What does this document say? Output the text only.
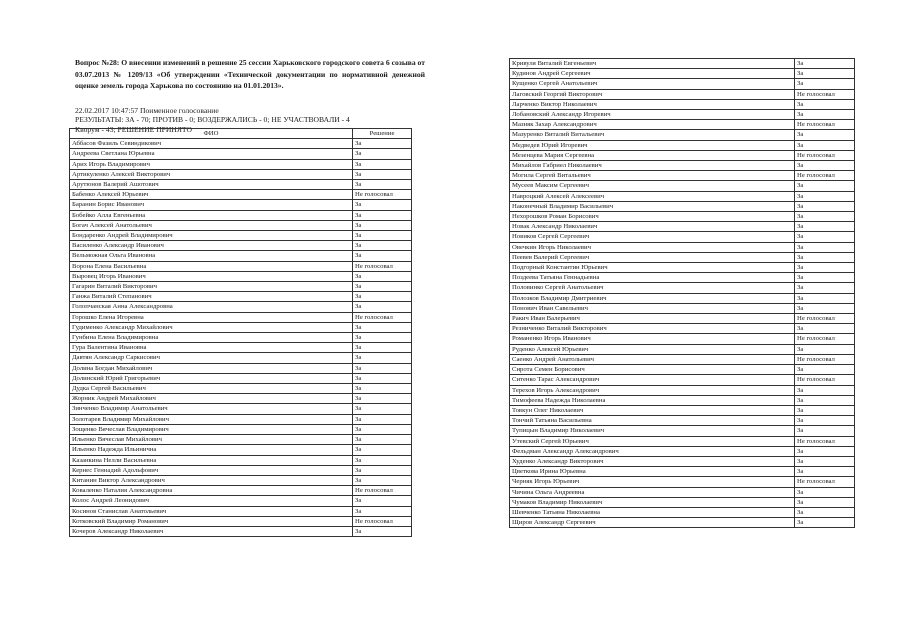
Вопрос №28: О внесении изменений в решение 25 сессии Харьковского городского совета 6 созыва от 03.07.2013 № 1209/13 «Об утверждении «Технической документации по нормативной денежной оценке земель города Харькова по состоянию на 01.01.2013».
22.02.2017 10:47:57 Поименное голосование
РЕЗУЛЬТАТЫ: ЗА - 70; ПРОТИВ - 0; ВОЗДЕРЖАЛИСЬ - 0; НЕ УЧАСТВОВАЛИ - 4
Кворум - 43; РЕШЕНИЕ ПРИНЯТО	ФИО	Решение
Аббасов Фазиль Севиндикович	За
Андреева Светлана Юрьевна	За
Арих Игорь Владимирович	За
Артикуленко Алексей Викторович	За
Арутюнов Валерий Ашотович	За
Бабенко Алексей Юрьевич	Не голосовал
Баранин Борис Иванович	За
Бобейко Алла Евгеньевна	За
Богач Алексей Анатольевич	За
Бондаренко Андрей Владимирович	За
Василенко Александр Иванович	За
Вельможная Ольга Ивановна	За
Ворона Елена Васильевна	Не голосовал
Выровец Игорь Иванович	За
Гагарин Виталий Викторович	За
Ганжа Виталий Степанович	За
Голопчанская Анна Александровна	За
Горошко Елена Игоревна	Не голосовал
Гудименко Александр Михайлович	За
Гунбина Елена Владимировна	За
Гура Валентина Ивановна	За
Давтян Александр Саркисович	За
Долина Богдан Михайлович	За
Долинский Юрий Григорьевич	За
Дудка Сергей Васильевич	За
Жорник Андрей Михайлович	За
Зинченко Владимир Анатольевич	За
Золотарев Владимир Михайлович	За
Зощенко Вячеслав Владимирович	За
Ильенко Вячеслав Михайлович	За
Ильенко Надежда Ильинична	За
Казанкина Нелли Васильевна	За
Кернес Геннадий Адольфович	За
Китанин Виктор Александрович	За
Коваленко Наталия Александровна	Не голосовал
Колос Андрей Леонидович	За
Косинов Станислав Анатольевич	За
Котковский Владимир Романович	Не голосовал
Кочеров Александр Николаевич	За
Кривуля Виталий Евгеньевич	За
Кудинов Андрей Сергеевич	За
Кущенко Сергей Анатольевич	За
Лаговский Георгий Викторович	Не голосовал
Ларченко Виктор Николаевич	За
Лобановский Александр Игоревич	За
Мазняк Захар Александрович	Не голосовал
Мазуренко Виталий Витальевич	За
Медведев Юрий Игоревич	За
Мезенцева Мария Сергеевна	Не голосовал
Михайлов Габриел Николаевич	За
Могила Сергей Витальевич	Не голосовал
Мусеев Максим Сергеевич	За
Навроцкий Алексей Алексеевич	За
Наконечный Владимир Васильевич	За
Нехорошков Роман Борисович	За
Новак Александр Николаевич	За
Новиков Сергей Сергеевич	За
Овечкин Игорь Николаевич	За
Пеевев Валерий Сергеевич	За
Подгорный Константин Юрьевич	За
Поздеева Татьяна Геннадьевна	За
Половинко Сергей Анатольевич	За
Полозков Владимир Дмитриевич	За
Понович Иван Савельевич	За
Ракич Иван Валерьевич	Не голосовал
Резниченко Виталий Викторович	За
Романенко Игорь Иванович	Не голосовал
Руденко Алексей Юрьевич	За
Саенко Андрей Анатольевич	Не голосовал
Сирота Семен Борисович	За
Ситенко Тарас Александрович	Не голосовал
Терехов Игорь Александрович	За
Тимофеева Надежда Николаевна	За
Товкун Олег Николаевич	За
Тончий Татьяна Васильевна	За
Тупицын Владимир Николаевич	За
Утевский Сергей Юрьевич	Не голосовал
Фельдман Александр Александрович	За
Худенко Александр Викторович	За
Цветкова Ирина Юрьевна	За
Черняк Игорь Юрьевич	Не голосовал
Чичина Ольга Андреевна	За
Чумаков Владимир Николаевич	За
Шевченко Татьяна Николаевна	За
Щиров Александр Сергеевич	За
